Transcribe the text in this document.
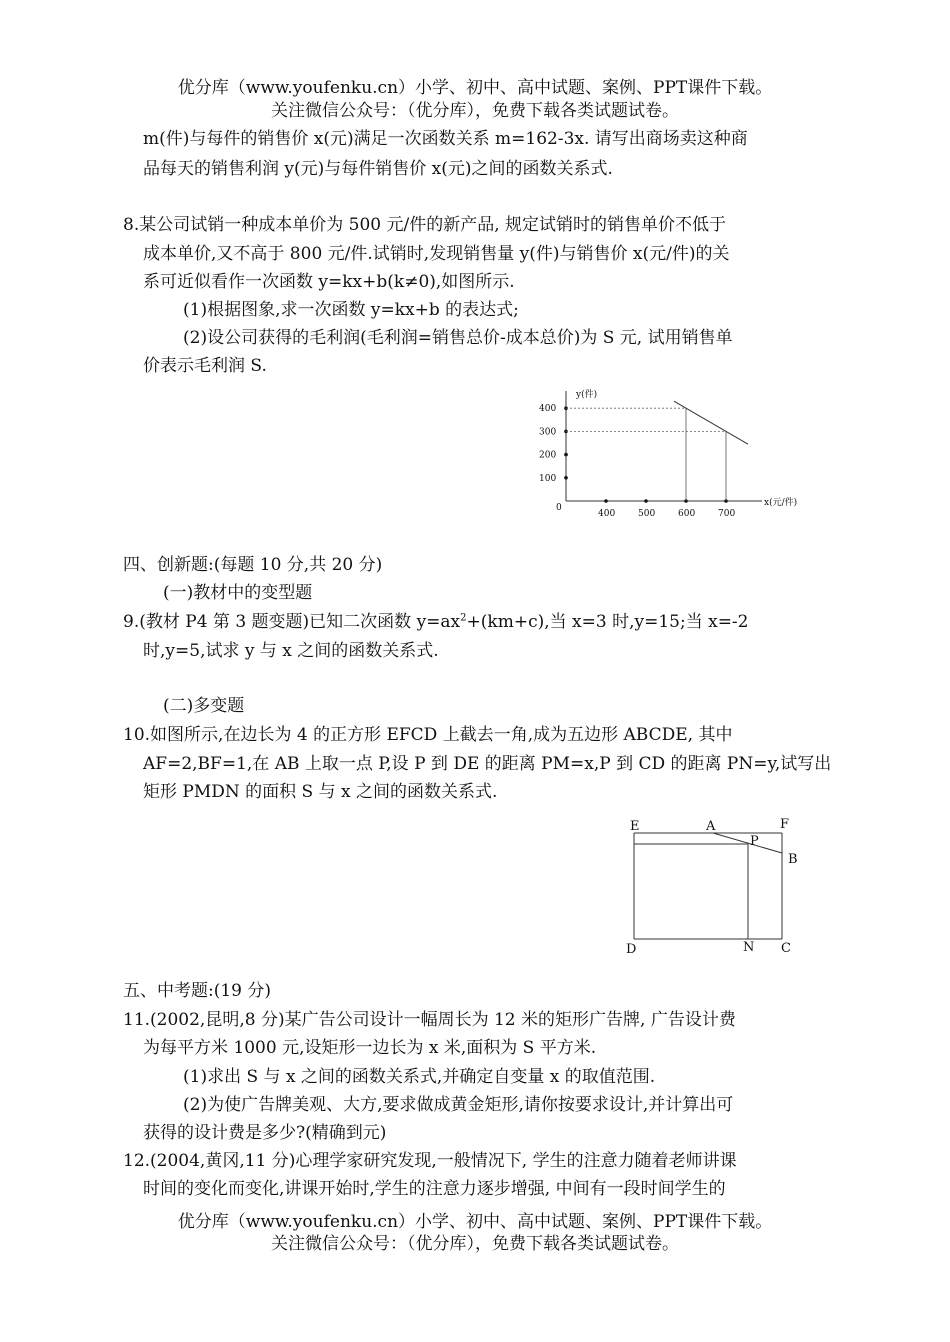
优分库（www.youfenku.cn）小学、初中、高中试题、案例、PPT课件下载。
关注微信公众号：（优分库），免费下载各类试题试卷。
m(件)与每件的销售价 x(元)满足一次函数关系 m=162-3x. 请写出商场卖这种商
品每天的销售利润 y(元)与每件销售价 x(元)之间的函数关系式.
8.某公司试销一种成本单价为 500 元/件的新产品, 规定试销时的销售单价不低于
成本单价,又不高于 800 元/件.试销时,发现销售量 y(件)与销售价 x(元/件)的关
系可近似看作一次函数 y=kx+b(k≠0),如图所示.
(1)根据图象,求一次函数 y=kx+b 的表达式;
(2)设公司获得的毛利润(毛利润=销售总价-成本总价)为 S 元, 试用销售单
价表示毛利润 S.
y(件)
x(元/件)
0
100
200
300
400
400	500	600	700
四、创新题:(每题 10 分,共 20 分)
(一)教材中的变型题
9.(教材 P4 第 3 题变题)已知二次函数 $y=ax^2+(km+c)$,当 x=3 时,y=15;当 x=-2
时,y=5,试求 y 与 x 之间的函数关系式.
(二)多变题
10.如图所示,在边长为 4 的正方形 EFCD 上截去一角,成为五边形 ABCDE, 其中
AF=2,BF=1,在 AB 上取一点 P,设 P 到 DE 的距离 PM=x,P 到 CD 的距离 PN=y,试写出
矩形 PMDN 的面积 S 与 x 之间的函数关系式.
E	A	F
P
B
D	N C
五、中考题:(19 分)
11.(2002,昆明,8 分)某广告公司设计一幅周长为 12 米的矩形广告牌, 广告设计费
为每平方米 1000 元,设矩形一边长为 x 米,面积为 S 平方米.
(1)求出 S 与 x 之间的函数关系式,并确定自变量 x 的取值范围.
(2)为使广告牌美观、大方,要求做成黄金矩形,请你按要求设计,并计算出可
获得的设计费是多少?(精确到元)
12.(2004,黄冈,11 分)心理学家研究发现,一般情况下, 学生的注意力随着老师讲课
时间的变化而变化,讲课开始时,学生的注意力逐步增强, 中间有一段时间学生的
优分库（www.youfenku.cn）小学、初中、高中试题、案例、PPT课件下载。
关注微信公众号：（优分库），免费下载各类试题试卷。
